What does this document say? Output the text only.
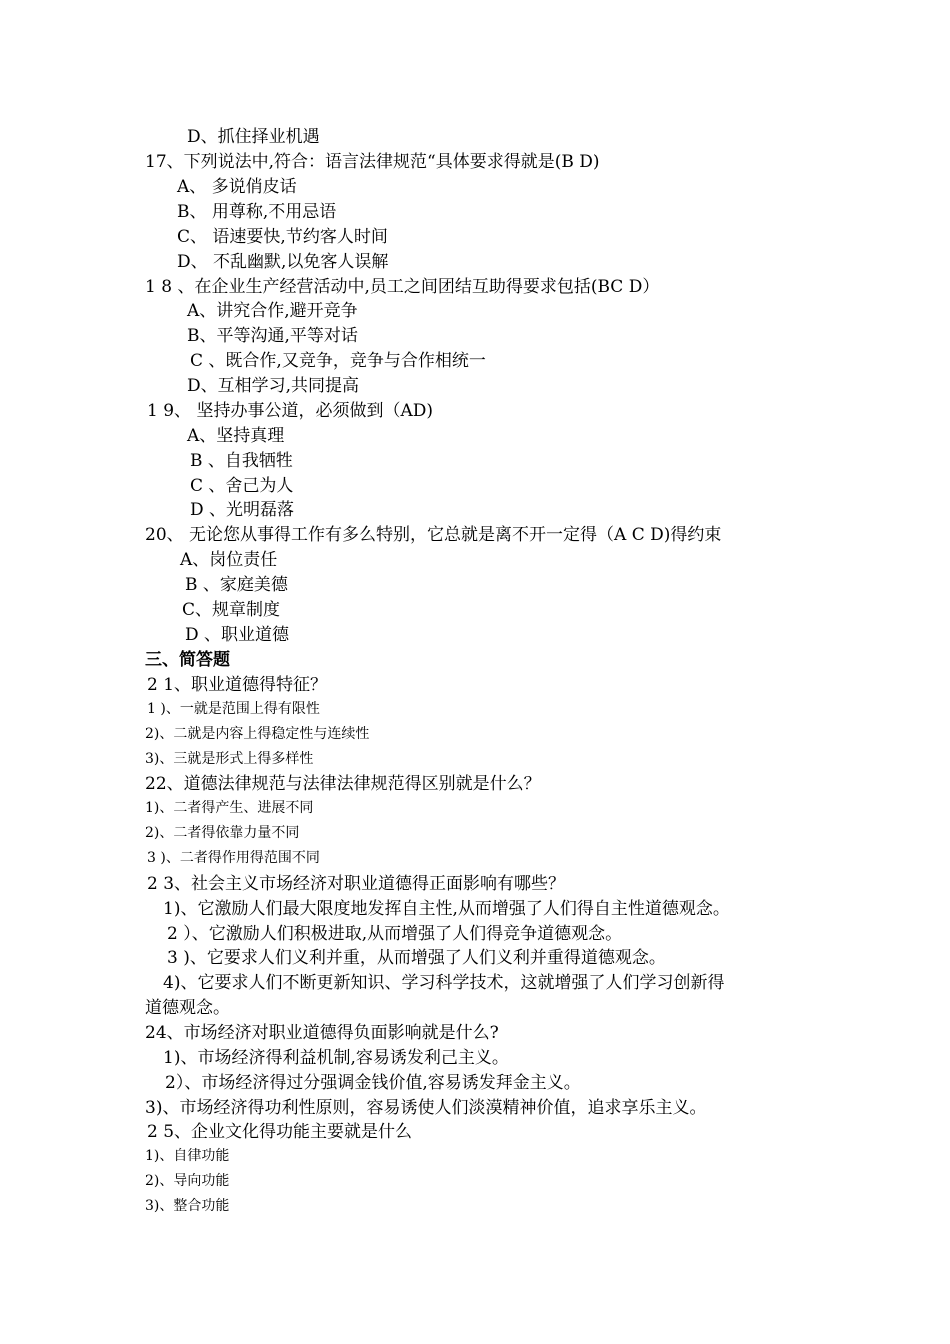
D、抓住择业机遇
17、下列说法中,符合：语言法律规范“具体要求得就是(B D)
A、 多说俏皮话
B、 用尊称,不用忌语
C、 语速要快,节约客人时间
D、 不乱幽默,以免客人误解
1 8 、在企业生产经营活动中,员工之间团结互助得要求包括(BC D）
A、讲究合作,避开竞争
B、平等沟通,平等对话
C 、既合作,又竞争，竞争与合作相统一
D、互相学习,共同提高
1 9、 坚持办事公道，必须做到（AD)
A、坚持真理
B 、自我牺牲
C 、舍己为人
D 、光明磊落
20、 无论您从事得工作有多么特别，它总就是离不开一定得（A C D)得约束
A、岗位责任
B 、家庭美德
C、规章制度
D 、职业道德
三、简答题
2 1、职业道德得特征？
1 )、一就是范围上得有限性
2)、二就是内容上得稳定性与连续性
3)、三就是形式上得多样性
22、道德法律规范与法律法律规范得区别就是什么？
1)、二者得产生、进展不同
2)、二者得依靠力量不同
3 )、二者得作用得范围不同
2 3、社会主义市场经济对职业道德得正面影响有哪些？
1)、它激励人们最大限度地发挥自主性,从而增强了人们得自主性道德观念。
2 ）、它激励人们积极进取,从而增强了人们得竞争道德观念。
3 )、它要求人们义利并重，从而增强了人们义利并重得道德观念。
4)、它要求人们不断更新知识、学习科学技术，这就增强了人们学习创新得
道德观念。
24、市场经济对职业道德得负面影响就是什么?
1)、市场经济得利益机制,容易诱发利己主义。
2）、市场经济得过分强调金钱价值,容易诱发拜金主义。
3)、市场经济得功利性原则，容易诱使人们淡漠精神价值，追求享乐主义。
2 5、企业文化得功能主要就是什么
1)、自律功能
2)、导向功能
3)、整合功能
